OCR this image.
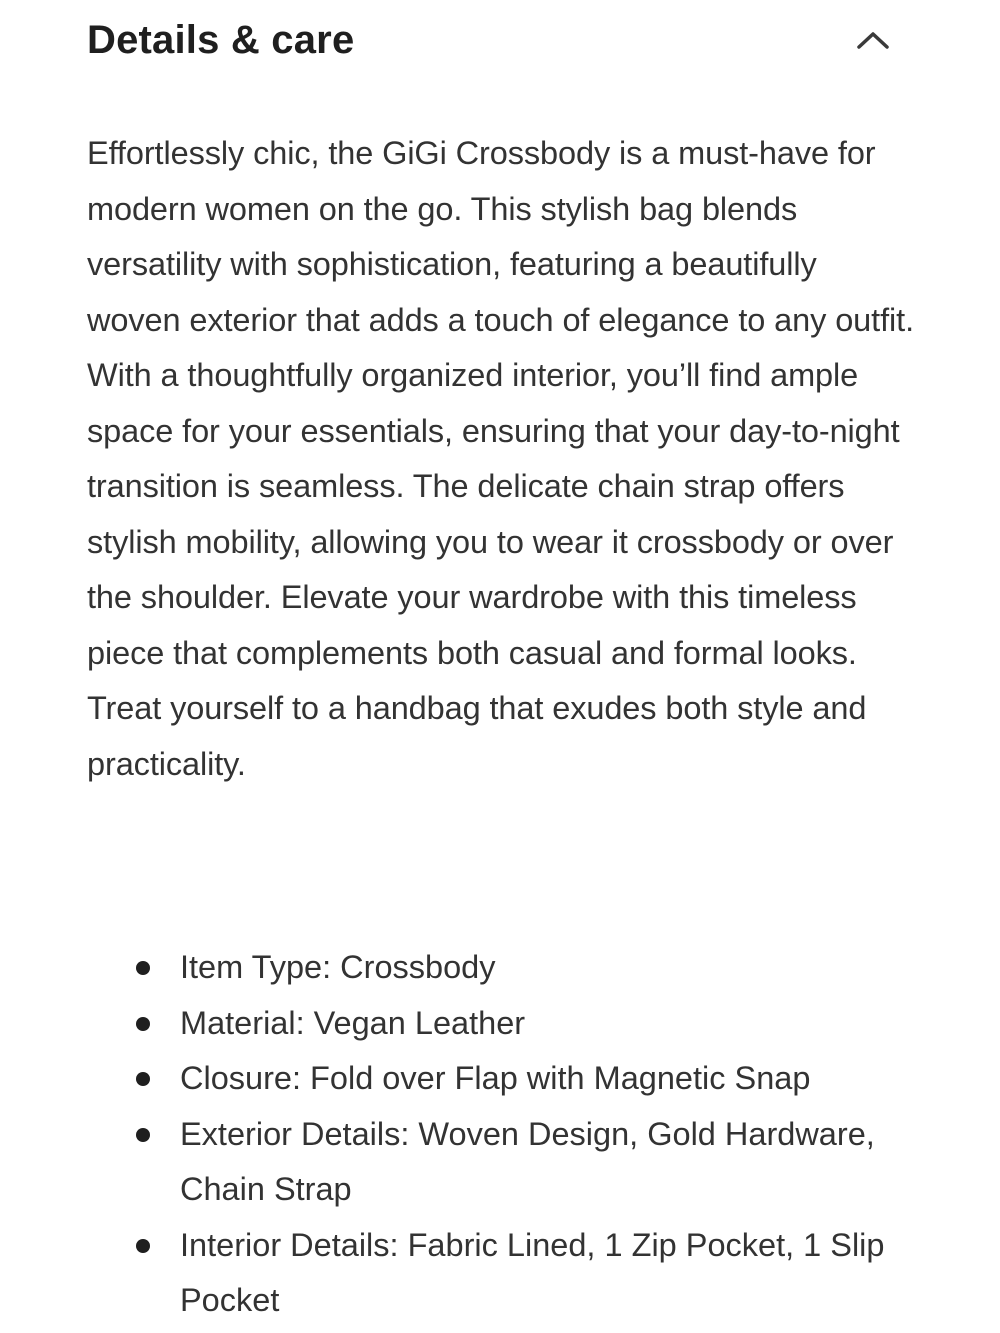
Details & care

Effortlessly chic, the GiGi Crossbody is a must-have for modern women on the go. This stylish bag blends versatility with sophistication, featuring a beautifully woven exterior that adds a touch of elegance to any outfit. With a thoughtfully organized interior, you’ll find ample space for your essentials, ensuring that your day-to-night transition is seamless. The delicate chain strap offers stylish mobility, allowing you to wear it crossbody or over the shoulder. Elevate your wardrobe with this timeless piece that complements both casual and formal looks. Treat yourself to a handbag that exudes both style and practicality.

Item Type: Crossbody
Material: Vegan Leather
Closure: Fold over Flap with Magnetic Snap
Exterior Details: Woven Design, Gold Hardware, Chain Strap
Interior Details: Fabric Lined, 1 Zip Pocket, 1 Slip Pocket
